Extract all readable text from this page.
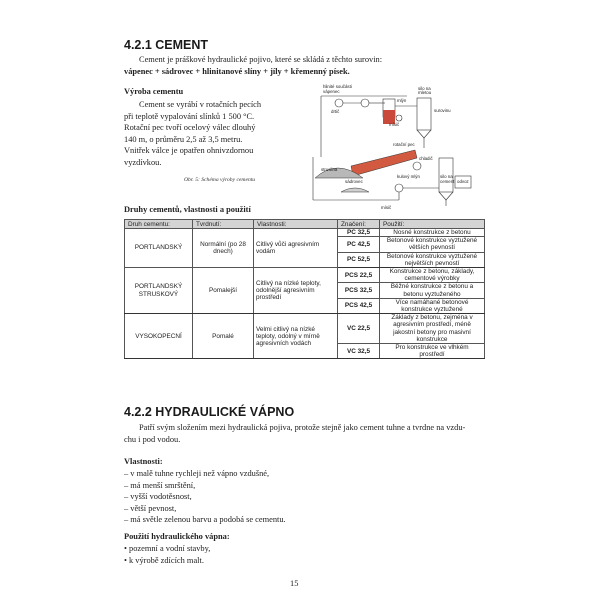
4.2.1 CEMENT
Cement je práškové hydraulické pojivo, které se skládá z těchto surovin:
vápenec + sádrovec + hlinitanové slíny + jíly + křemenný písek.
Výroba cementu
Cement se vyrábí v rotačních pecích
při teplotě vypalování slínků 1 500 °C.
Rotační pec tvoří ocelový válec dlouhý
140 m, o průměru 2,5 až 3,5 metru.
Vnitřek válce je opatřen ohnivzdornou
vyzdívkou.
Obr. 5: Schéma výroby cementu
hlinité součásti
vápenec
drtič
silo na
mletou
surovinu
mlýn
mísič
rotační pec
chladič
struslina
kulový mlýn
sádrovec
mísič
silo na
cement odvoz
Druhy cementů, vlastnosti a použití
Druh cementu:	Tvrdnutí:	Vlastnosti:	Značení:	Použití:
PORTLANDSKÝ	Normální (po 28 dnech)	Citlivý vůči agresivním vodám	PC 32,5	Nosné konstrukce z betonu
			PC 42,5	Betonové konstrukce vyztužené větších pevností
			PC 52,5	Betonové konstrukce vyztužené největších pevností
PORTLANDSKÝ STRUSKOVÝ	Pomalejší	Citlivý na nízké teploty, odolnější agresivním prostředí	PCS 22,5	Konstrukce z betonu, základy, cementové výrobky
			PCS 32,5	Běžné konstrukce z betonu a betonu vyztuženého
			PCS 42,5	Více namáhané betonové konstrukce vyztužené
VYSOKOPECNÍ	Pomalé	Velmi citlivý na nízké teploty, odolný v mírně agresivních vodách	VC 22,5	Základy z betonu, zejména v agresivním prostředí, méně jakostní betony pro masivní konstrukce
			VC 32,5	Pro konstrukce ve vlhkém prostředí
4.2.2 HYDRAULICKÉ VÁPNO
Patří svým složením mezi hydraulická pojiva, protože stejně jako cement tuhne a tvrdne na vzdu-
chu i pod vodou.
Vlastnosti:
– v malě tuhne rychleji než vápno vzdušné,
– má menší smrštění,
– vyšší vodotěsnost,
– větší pevnost,
– má světle zelenou barvu a podobá se cementu.
Použití hydraulického vápna:
• pozemní a vodní stavby,
• k výrobě zdících malt.
15
